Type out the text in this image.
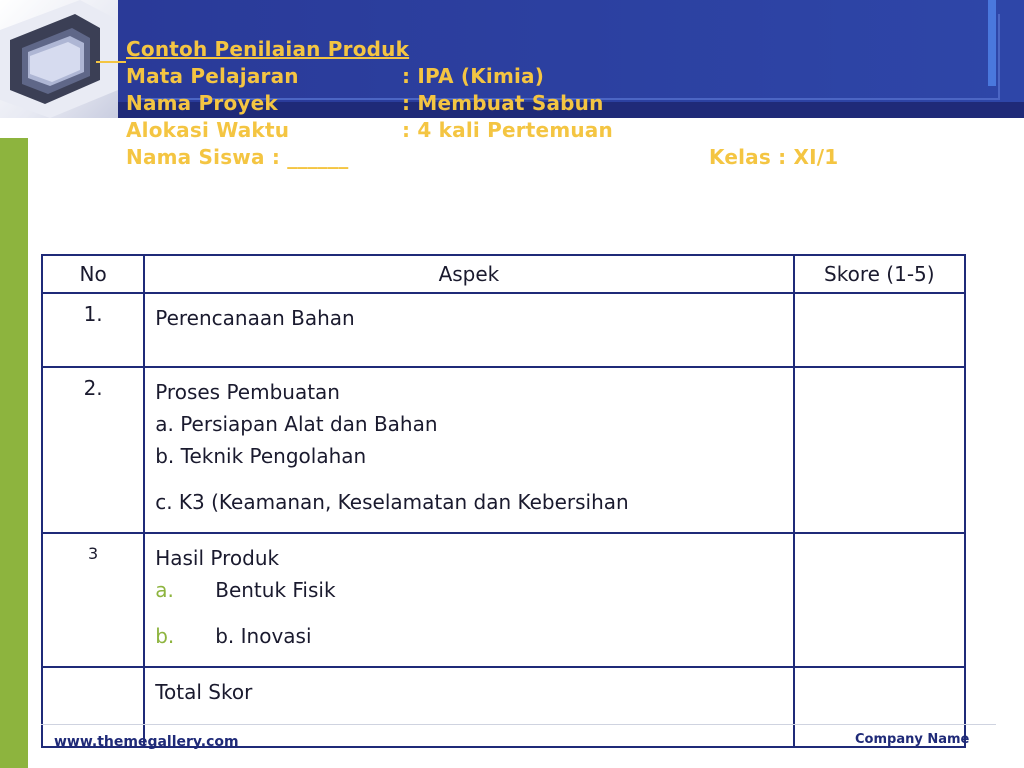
Contoh Penilaian Produk

Mata Pelajaran

	: IPA (Kimia)

Nama Proyek

	: Membuat Sabun

Alokasi Waktu

	: 4 kali Pertemuan

Nama Siswa : ______

	Kelas : XI/1

No	Aspek	Skore (1-5)
1.	Perencanaan Bahan	

2.	Proses Pembuatan
a. Persiapan Alat dan Bahan
b. Teknik Pengolahan
c. K3 (Keamanan, Keselamatan dan Kebersihan	

3	Hasil Produk
a. Bentuk Fisik
b. b. Inovasi	

	Total Skor	

www.themegallery.com	Company Name
